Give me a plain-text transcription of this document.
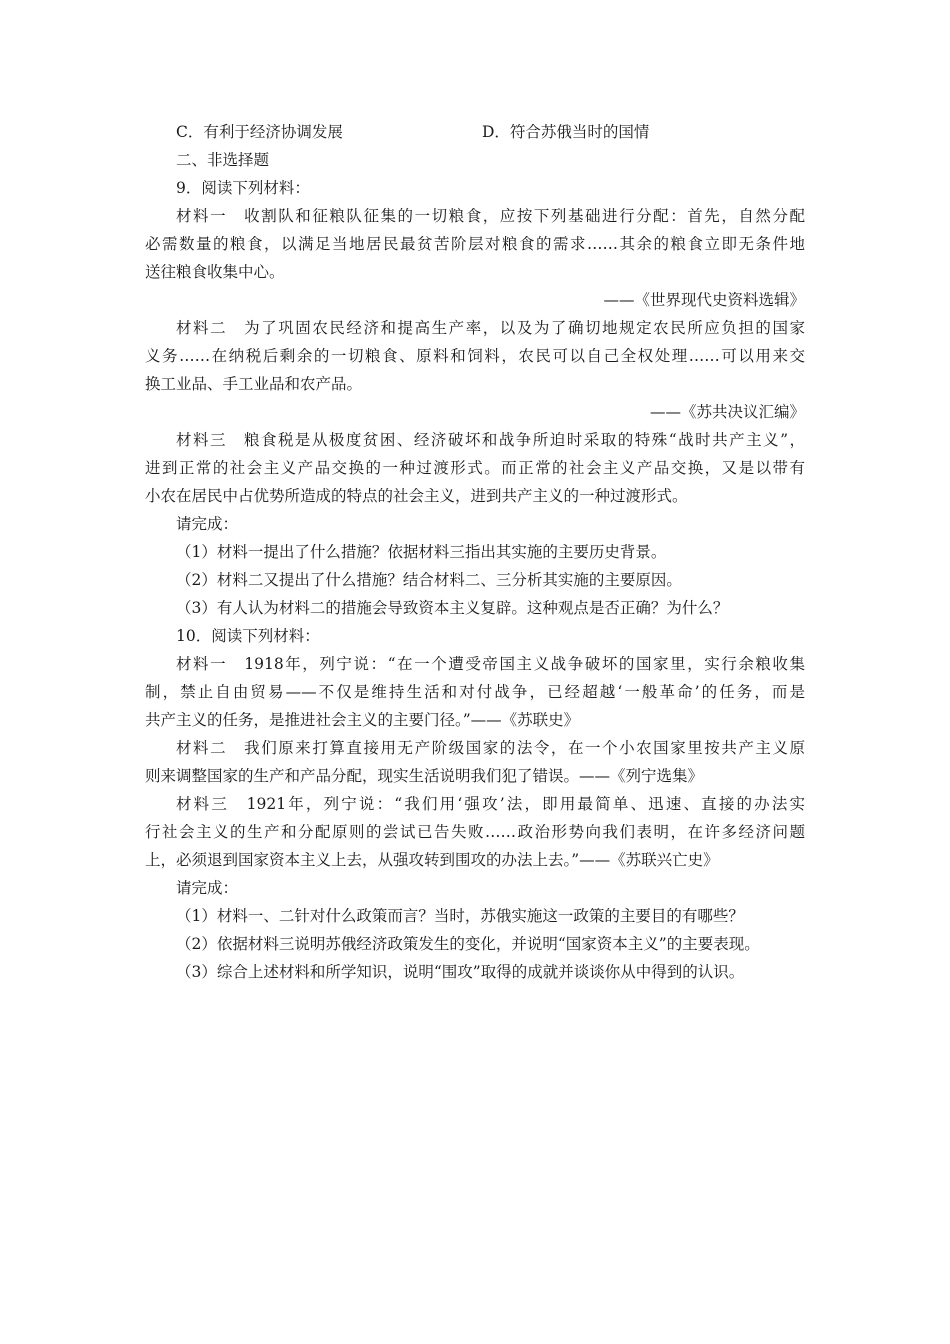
C．有利于经济协调发展	D．符合苏俄当时的国情
二、非选择题
9．阅读下列材料：
材料一　收割队和征粮队征集的一切粮食，应按下列基础进行分配：首先，自然分配
必需数量的粮食，以满足当地居民最贫苦阶层对粮食的需求……其余的粮食立即无条件地
送往粮食收集中心。
——《世界现代史资料选辑》
材料二　为了巩固农民经济和提高生产率，以及为了确切地规定农民所应负担的国家
义务……在纳税后剩余的一切粮食、原料和饲料，农民可以自己全权处理……可以用来交
换工业品、手工业品和农产品。
——《苏共决议汇编》
材料三　粮食税是从极度贫困、经济破坏和战争所迫时采取的特殊“战时共产主义”，
进到正常的社会主义产品交换的一种过渡形式。而正常的社会主义产品交换，又是以带有
小农在居民中占优势所造成的特点的社会主义，进到共产主义的一种过渡形式。
请完成：
（1）材料一提出了什么措施？依据材料三指出其实施的主要历史背景。
（2）材料二又提出了什么措施？结合材料二、三分析其实施的主要原因。
（3）有人认为材料二的措施会导致资本主义复辟。这种观点是否正确？为什么？
10．阅读下列材料：
材料一　1918年，列宁说：“在一个遭受帝国主义战争破坏的国家里，实行余粮收集
制，禁止自由贸易——不仅是维持生活和对付战争，已经超越‘一般革命’的任务，而是
共产主义的任务，是推进社会主义的主要门径。”——《苏联史》
材料二　我们原来打算直接用无产阶级国家的法令，在一个小农国家里按共产主义原
则来调整国家的生产和产品分配，现实生活说明我们犯了错误。——《列宁选集》
材料三　1921年，列宁说：“我们用‘强攻’法，即用最简单、迅速、直接的办法实
行社会主义的生产和分配原则的尝试已告失败……政治形势向我们表明，在许多经济问题
上，必须退到国家资本主义上去，从强攻转到围攻的办法上去。”——《苏联兴亡史》
请完成：
（1）材料一、二针对什么政策而言？当时，苏俄实施这一政策的主要目的有哪些？
（2）依据材料三说明苏俄经济政策发生的变化，并说明“国家资本主义”的主要表现。
（3）综合上述材料和所学知识，说明“围攻”取得的成就并谈谈你从中得到的认识。
